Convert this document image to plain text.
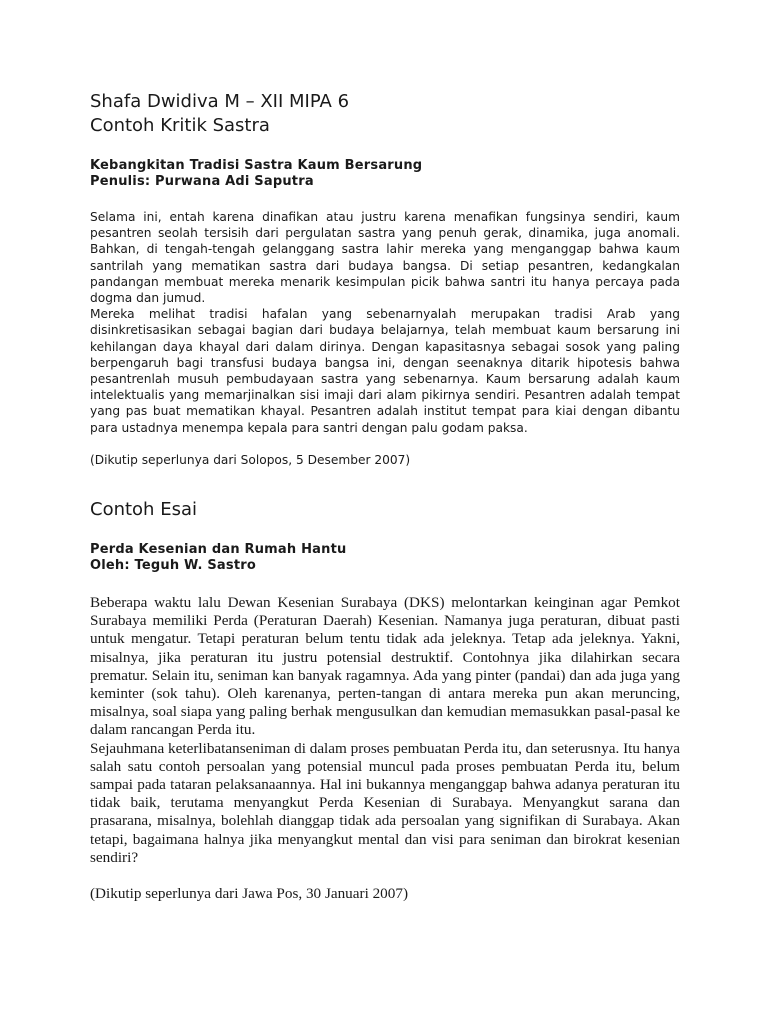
Shafa Dwidiva M – XII MIPA 6

Contoh Kritik Sastra

Kebangkitan Tradisi Sastra Kaum Bersarung

Penulis: Purwana Adi Saputra

Selama ini, entah karena dinafikan atau justru karena menafikan fungsinya sendiri, kaum pesantren seolah tersisih dari pergulatan sastra yang penuh gerak, dinamika, juga anomali. Bahkan, di tengah-tengah gelanggang sastra lahir mereka yang menganggap bahwa kaum santrilah yang mematikan sastra dari budaya bangsa. Di setiap pesantren, kedangkalan pandangan membuat mereka menarik kesimpulan picik bahwa santri itu hanya percaya pada dogma dan jumud.

Mereka melihat tradisi hafalan yang sebenarnyalah merupakan tradisi Arab yang disinkretisasikan sebagai bagian dari budaya belajarnya, telah membuat kaum bersarung ini kehilangan daya khayal dari dalam dirinya. Dengan kapasitasnya sebagai sosok yang paling berpengaruh bagi transfusi budaya bangsa ini, dengan seenaknya ditarik hipotesis bahwa pesantrenlah musuh pembudayaan sastra yang sebenarnya. Kaum bersarung adalah kaum intelektualis yang memarjinalkan sisi imaji dari alam pikirnya sendiri. Pesantren adalah tempat yang pas buat mematikan khayal. Pesantren adalah institut tempat para kiai dengan dibantu para ustadnya menempa kepala para santri dengan palu godam paksa.

(Dikutip seperlunya dari Solopos, 5 Desember 2007)

Contoh Esai

Perda Kesenian dan Rumah Hantu

Oleh: Teguh W. Sastro

Beberapa waktu lalu Dewan Kesenian Surabaya (DKS) melontarkan keinginan agar Pemkot Surabaya memiliki Perda (Peraturan Daerah) Kesenian. Namanya juga peraturan, dibuat pasti untuk mengatur. Tetapi peraturan belum tentu tidak ada jeleknya. Tetap ada jeleknya. Yakni, misalnya, jika peraturan itu justru potensial destruktif. Contohnya jika dilahirkan secara prematur. Selain itu, seniman kan banyak ragamnya. Ada yang pinter (pandai) dan ada juga yang keminter (sok tahu). Oleh karenanya, perten-tangan di antara mereka pun akan meruncing, misalnya, soal siapa yang paling berhak mengusulkan dan kemudian memasukkan pasal-pasal ke dalam rancangan Perda itu.

Sejauhmana keterlibatanseniman di dalam proses pembuatan Perda itu, dan seterusnya. Itu hanya salah satu contoh persoalan yang potensial muncul pada proses pembuatan Perda itu, belum sampai pada tataran pelaksanaannya. Hal ini bukannya menganggap bahwa adanya peraturan itu tidak baik, terutama menyangkut Perda Kesenian di Surabaya. Menyangkut sarana dan prasarana, misalnya, bolehlah dianggap tidak ada persoalan yang signifikan di Surabaya. Akan tetapi, bagaimana halnya jika menyangkut mental dan visi para seniman dan birokrat kesenian sendiri?

(Dikutip seperlunya dari Jawa Pos, 30 Januari 2007)
